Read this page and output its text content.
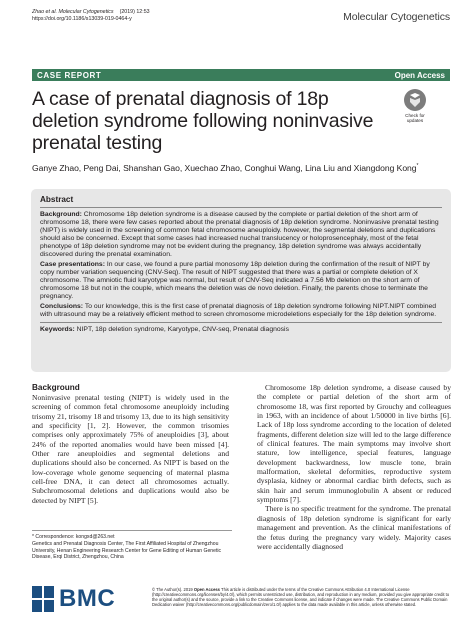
Zhao et al. Molecular Cytogenetics (2019) 12:53
https://doi.org/10.1186/s13039-019-0464-y	Molecular Cytogenetics
CASE REPORT	Open Access
A case of prenatal diagnosis of 18p deletion syndrome following noninvasive prenatal testing
Check for
updates
Ganye Zhao, Peng Dai, Shanshan Gao, Xuechao Zhao, Conghui Wang, Lina Liu and Xiangdong Kong*
Abstract

Background: Chromosome 18p deletion syndrome is a disease caused by the complete or partial deletion of the short arm of chromosome 18, there were few cases reported about the prenatal diagnosis of 18p deletion syndrome. Noninvasive prenatal testing (NIPT) is widely used in the screening of common fetal chromosome aneuploidy. however, the segmental deletions and duplications should also be concerned. Except that some cases had increased nuchal translucency or holoprosencephaly, most of the fetal phenotype of 18p deletion syndrome may not be evident during the pregnancy, 18p deletion syndrome was always accidentally discovered during the prenatal examination.

Case presentations: In our case, we found a pure partial monosomy 18p deletion during the confirmation of the result of NIPT by copy number variation sequencing (CNV-Seq). The result of NIPT suggested that there was a partial or complete deletion of X chromosome. The amniotic fluid karyotype was normal, but result of CNV-Seq indicated a 7.56 Mb deletion on the short arm of chromosome 18 but not in the couple, which means the deletion was de novo deletion. Finally, the parents chose to terminate the pregnancy.

Conclusions: To our knowledge, this is the first case of prenatal diagnosis of 18p deletion syndrome following NIPT.NIPT combined with ultrasound may be a relatively efficient method to screen chromosome microdeletions especially for the 18p deletion syndrome.

Keywords: NIPT, 18p deletion syndrome, Karyotype, CNV-seq, Prenatal diagnosis

Background

Noninvasive prenatal testing (NIPT) is widely used in the screening of common fetal chromosome aneuploidy including trisomy 21, trisomy 18 and trisomy 13, due to its high sensitivity and specificity [1, 2]. However, the common trisomies comprises only approximately 75% of aneuploidies [3], about 24% of the reported anomalies would have been missed [4]. Other rare aneuploidies and segmental deletions and duplications should also be concerned. As NIPT is based on the low-coverage whole genome sequencing of maternal plasma cell-free DNA, it can detect all chromosomes actually. Subchromosomal deletions and duplications would also be detected by NIPT [5].

Chromosome 18p deletion syndrome, a disease caused by the complete or partial deletion of the short arm of chromosome 18, was first reported by Grouchy and colleagues in 1963, with an incidence of about 1/50000 in live births [6]. Lack of 18p loss syndrome according to the location of deleted fragments, different deletion size will led to the large difference of clinical features. The main symptoms may involve short stature, low intelligence, special features, language development backwardness, low muscle tone, brain malformation, skeletal deformities, reproductive system dysplasia, kidney or abnormal cardiac birth defects, such as skin hair and serum immunoglobulin A absent or reduced symptoms [7].

There is no specific treatment for the syndrome. The prenatal diagnosis of 18p deletion syndrome is significant for early management and prevention. As the clinical manifestations of the fetus during the pregnancy vary widely. Majority cases were accidentally diagnosed

* Correspondence: kongxd@263.net
Genetics and Prenatal Diagnosis Center, The First Affiliated Hospital of Zhengzhou University, Henan Engineering Research Center for Gene Editing of Human Genetic Disease, Erqi District, Zhengzhou, China
BMC	© The Author(s). 2019 Open Access This article is distributed under the terms of the Creative Commons Attribution 4.0 International License (http://creativecommons.org/licenses/by/4.0/), which permits unrestricted use, distribution, and reproduction in any medium, provided you give appropriate credit to the original author(s) and the source, provide a link to the Creative Commons license, and indicate if changes were made. The Creative Commons Public Domain Dedication waiver (http://creativecommons.org/publicdomain/zero/1.0/) applies to the data made available in this article, unless otherwise stated.
